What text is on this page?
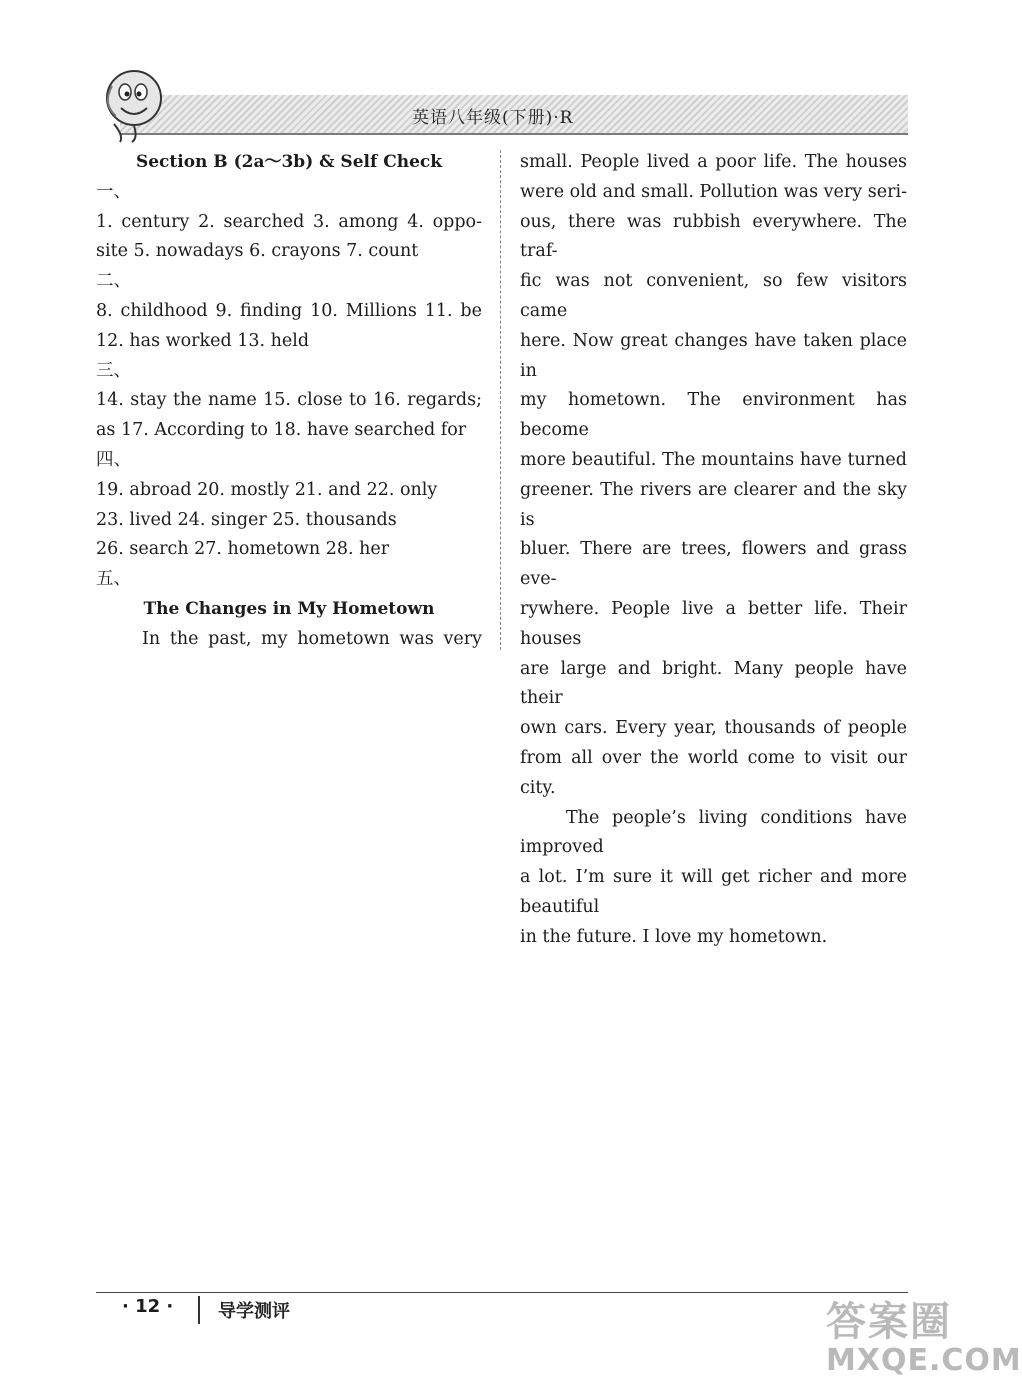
英语八年级(下册)·R

Section B (2a～3b) & Self Check

一、

1. century 2. searched 3. among 4. oppo-

site 5. nowadays 6. crayons 7. count

二、

8. childhood 9. finding 10. Millions 11. be

12. has worked 13. held

三、

14. stay the name 15. close to 16. regards;

as 17. According to 18. have searched for

四、

19. abroad 20. mostly 21. and 22. only

23. lived 24. singer 25. thousands

26. search 27. hometown 28. her

五、

The Changes in My Hometown

In the past, my hometown was very

small. People lived a poor life. The houses

were old and small. Pollution was very seri-

ous, there was rubbish everywhere. The traf-

fic was not convenient, so few visitors came

here. Now great changes have taken place in

my hometown. The environment has become

more beautiful. The mountains have turned

greener. The rivers are clearer and the sky is

bluer. There are trees, flowers and grass eve-

rywhere. People live a better life. Their houses

are large and bright. Many people have their

own cars. Every year, thousands of people

from all over the world come to visit our city.

The people’s living conditions have improved

a lot. I’m sure it will get richer and more beautiful

in the future. I love my hometown.

· 12 · 导学测评	答案圈
MXQE.COM
